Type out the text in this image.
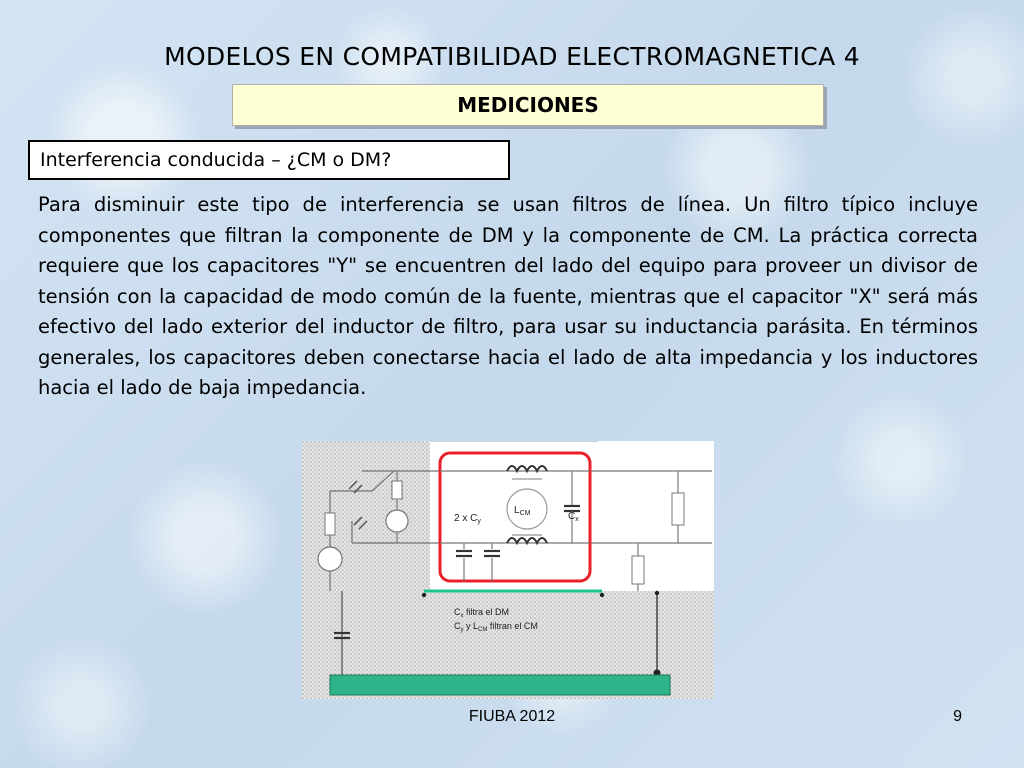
MODELOS EN COMPATIBILIDAD ELECTROMAGNETICA 4
MEDICIONES
Interferencia conducida – ¿CM o DM?
Para disminuir este tipo de interferencia se usan filtros de línea. Un filtro típico incluye componentes que filtran la componente de DM y la componente de CM. La práctica correcta requiere que los capacitores "Y" se encuentren del lado del equipo para proveer un divisor de tensión con la capacidad de modo común de la fuente, mientras que el capacitor "X" será más efectivo del lado exterior del inductor de filtro, para usar su inductancia parásita. En términos generales, los capacitores deben conectarse hacia el lado de alta impedancia y los inductores hacia el lado de baja impedancia.
$L_{CM}$	$C_x$
2 x $C_y$
$C_x$ filtra el DM
$C_y$ y $L_{CM}$ filtran el CM
FIUBA 2012	9
